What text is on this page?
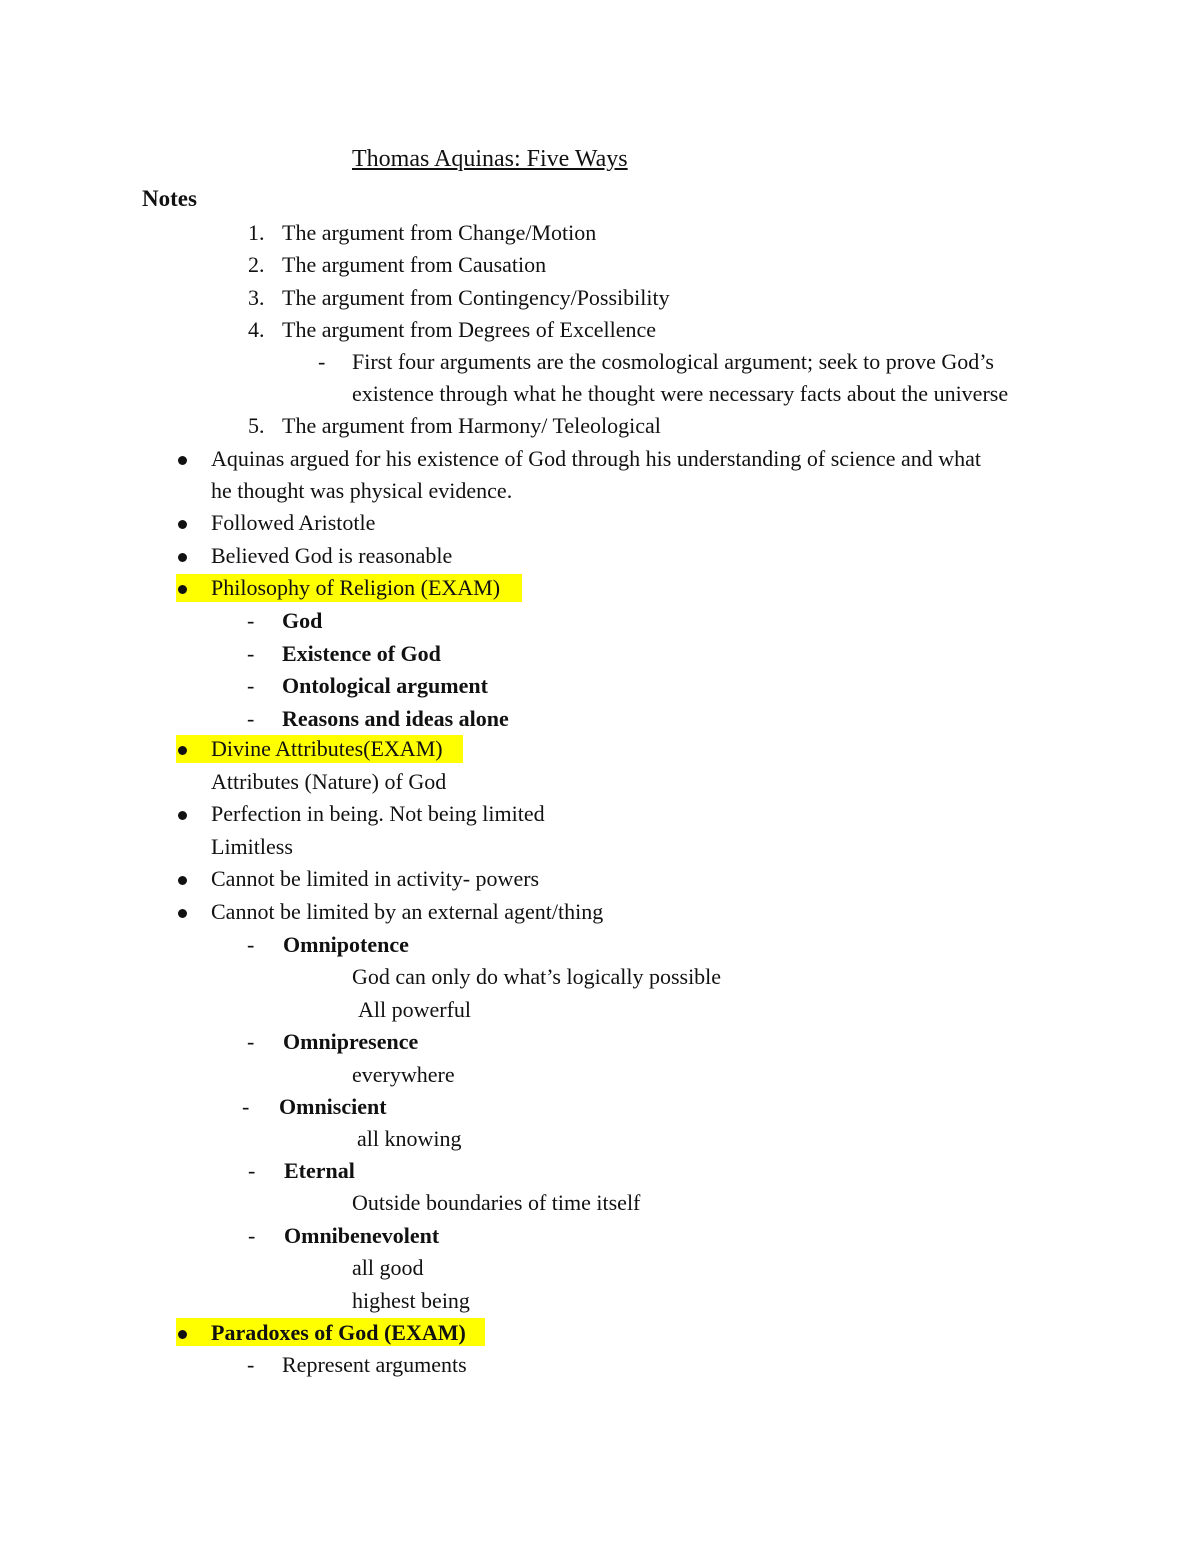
Thomas Aquinas: Five Ways
Notes
1. The argument from Change/Motion
2. The argument from Causation
3. The argument from Contingency/Possibility
4. The argument from Degrees of Excellence
- First four arguments are the cosmological argument; seek to prove God’s
existence through what he thought were necessary facts about the universe
5. The argument from Harmony/ Teleological
Aquinas argued for his existence of God through his understanding of science and what
he thought was physical evidence.
Followed Aristotle
Believed God is reasonable
Philosophy of Religion (EXAM)
- God
- Existence of God
- Ontological argument
- Reasons and ideas alone
Divine Attributes(EXAM)
Attributes (Nature) of God
Perfection in being. Not being limited
Limitless
Cannot be limited in activity- powers
Cannot be limited by an external agent/thing
- Omnipotence
God can only do what’s logically possible
All powerful
- Omnipresence
everywhere
- Omniscient
all knowing
- Eternal
Outside boundaries of time itself
- Omnibenevolent
all good
highest being
Paradoxes of God (EXAM)
- Represent arguments
